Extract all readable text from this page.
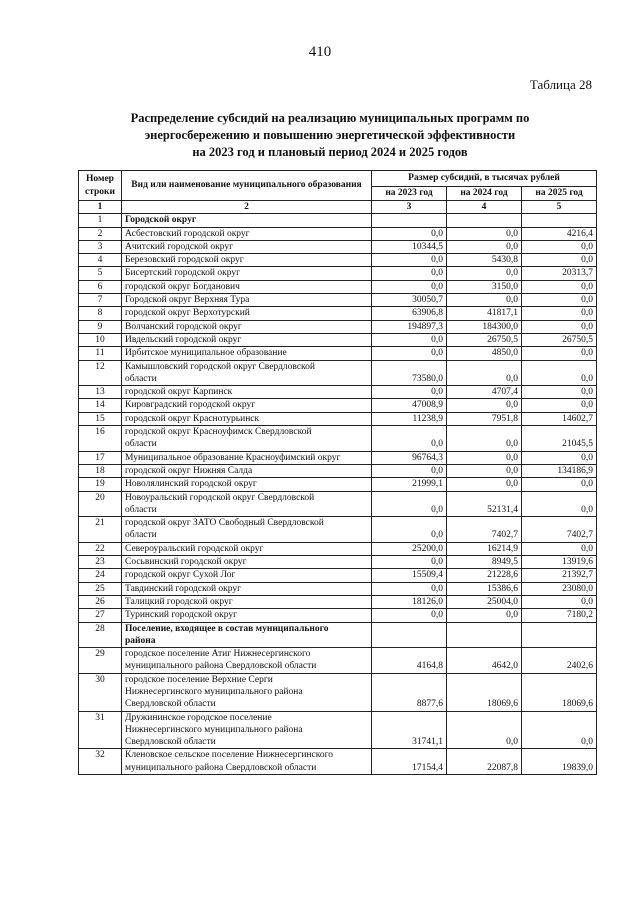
410
Таблица 28
Распределение субсидий на реализацию муниципальных программ по
энергосбережению и повышению энергетической эффективности
на 2023 год и плановый период 2024 и 2025 годов
Номер строки	Вид или наименование муниципального образования	Размер субсидий, в тысячах рублей		
		на 2023 год	на 2024 год	на 2025 год
1	2	3	4	5
1	Городской округ			

2	Асбестовский городской округ	0,0	0,0	4216,4
3	Ачитский городской округ	10344,5	0,0	0,0
4	Березовский городской округ	0,0	5430,8	0,0
5	Бисертский городской округ	0,0	0,0	20313,7
6	городской округ Богданович	0,0	3150,0	0,0
7	Городской округ Верхняя Тура	30050,7	0,0	0,0
8	городской округ Верхотурский	63906,8	41817,1	0,0
9	Волчанский городской округ	194897,3	184300,0	0,0
10	Ивдельский городской округ	0,0	26750,5	26750,5
11	Ирбитское муниципальное образование	0,0	4850,0	0,0
12	Камышловский городской округ Свердловской
области	73580,0	0,0	0,0
13	городской округ Карпинск	0,0	4707,4	0,0
14	Кировградский городской округ	47008,9	0,0	0,0
15	городской округ Краснотурьинск	11238,9	7951,8	14602,7
16	городской округ Красноуфимск Свердловской
области	0,0	0,0	21045,5
17	Муниципальное образование Красноуфимский округ	96764,3	0,0	0,0
18	городской округ Нижняя Салда	0,0	0,0	134186,9
19	Новолялинский городской округ	21999,1	0,0	0,0
20	Новоуральский городской округ Свердловской
области	0,0	52131,4	0,0
21	городской округ ЗАТО Свободный Свердловской
области	0,0	7402,7	7402,7
22	Североуральский городской округ	25200,0	16214,9	0,0
23	Сосьвинский городской округ	0,0	8949,5	13919,6
24	городской округ Сухой Лог	15509,4	21228,6	21392,7
25	Тавдинский городской округ	0,0	15386,6	23080,0
26	Талицкий городской округ	18126,0	25004,0	0,0
27	Туринский городской округ	0,0	0,0	7180,2
28	Поселение, входящее в состав муниципального
района			

29	городское поселение Атиг Нижнесергинского
муниципального района Свердловской области	4164,8	4642,0	2402,6
30	городское поселение Верхние Серги
Нижнесергинского муниципального района
Свердловской области	8877,6	18069,6	18069,6
31	Дружининское городское поселение
Нижнесергинского муниципального района
Свердловской области	31741,1	0,0	0,0
32	Кленовское сельское поселение Нижнесергинского
муниципального района Свердловской области	17154,4	22087,8	19839,0
